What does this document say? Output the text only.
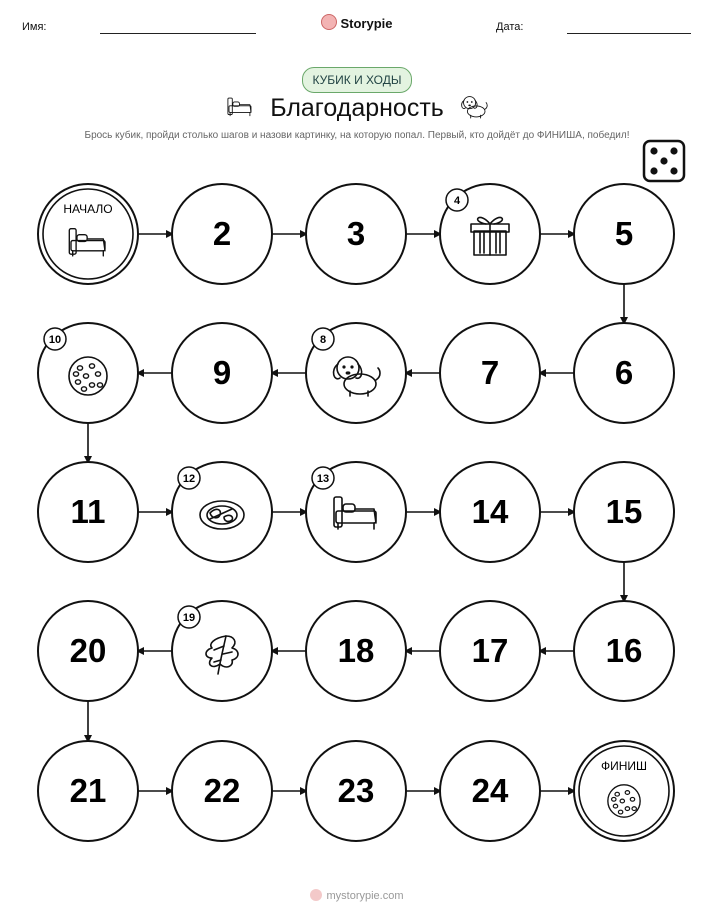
Имя:	Storypie	Дата:
КУБИК И ХОДЫ
Благодарность
Брось кубик, пройди столько шагов и назови картинку, на которую попал. Первый, кто дойдёт до ФИНИША, победил!
НАЧАЛО
2	3
4
5
6
7
8
9
10
11
12	13
14	15
16
17
18
19
20
21	22	23	24
ФИНИШ
mystorypie.com
